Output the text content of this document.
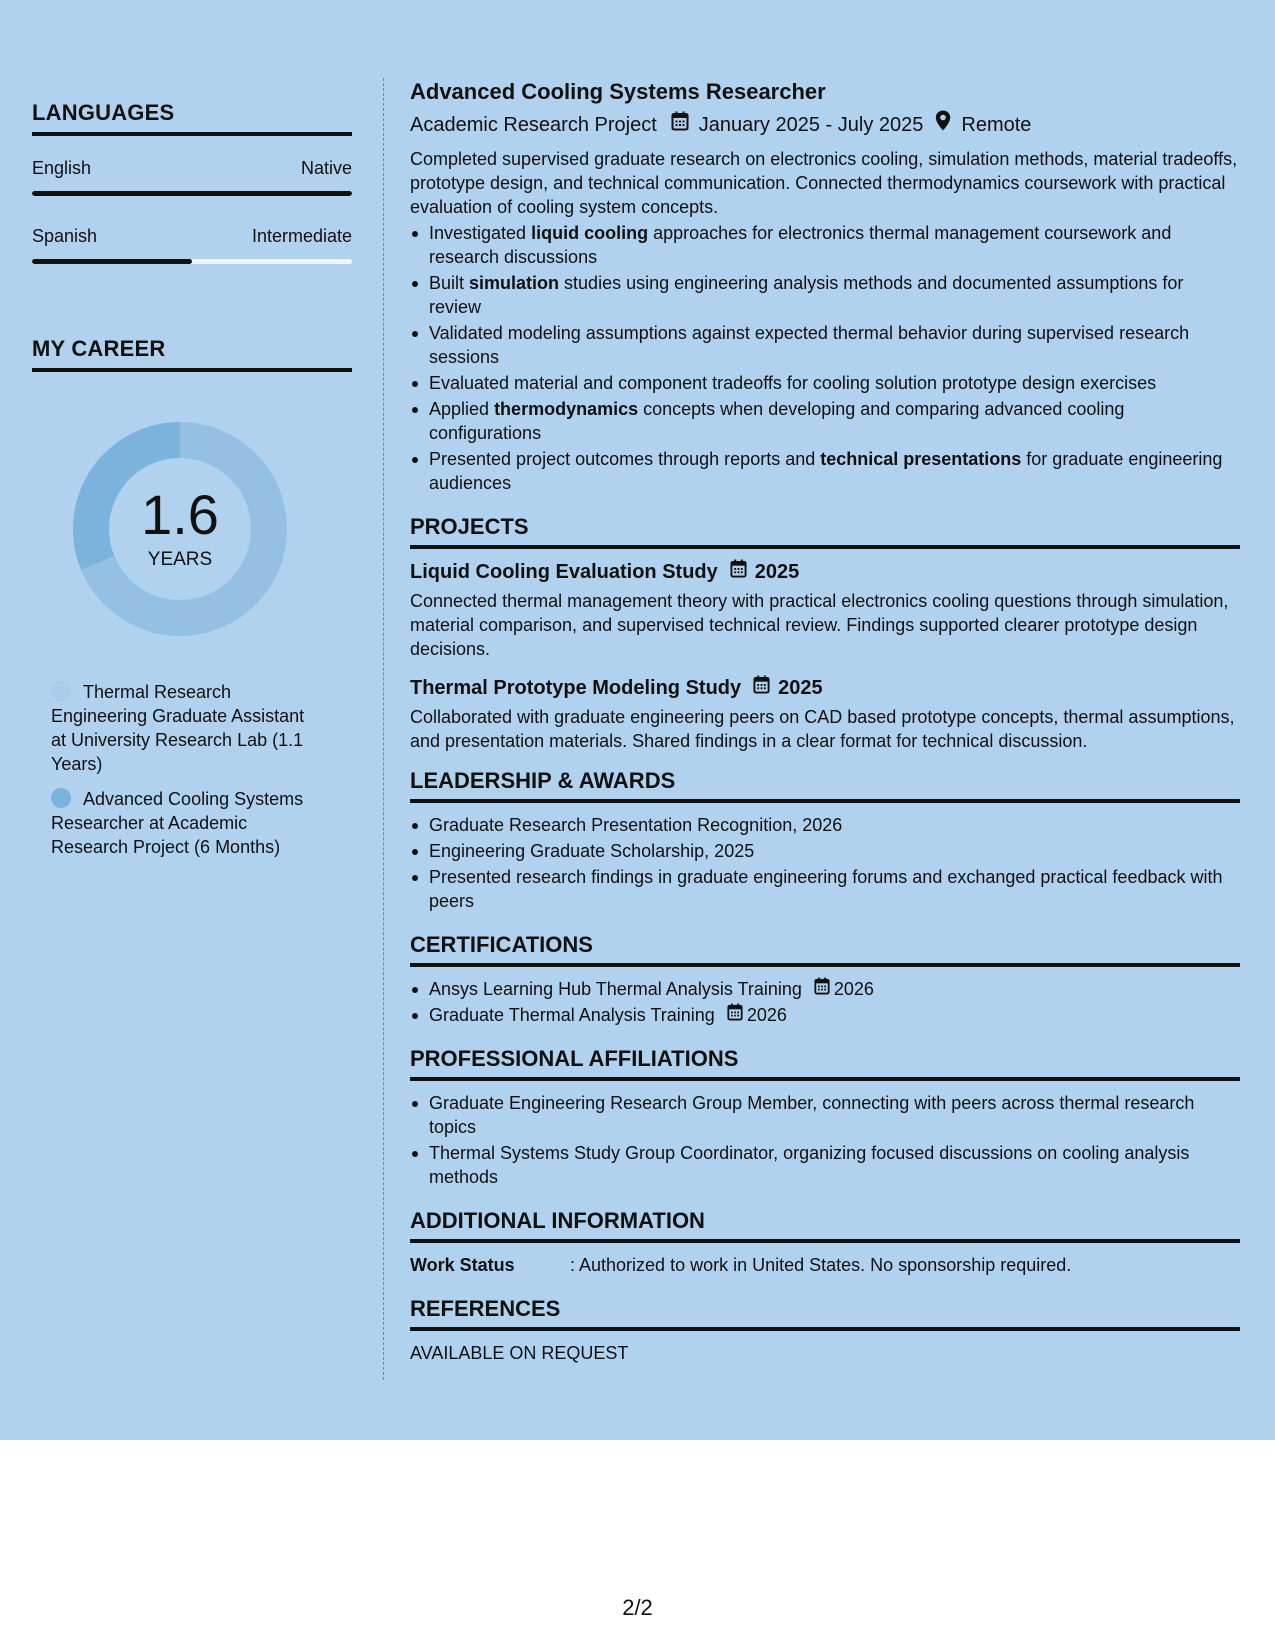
LANGUAGES
English	Native
Spanish	Intermediate
MY CAREER
1.6
YEARS
Thermal Research Engineering Graduate Assistant at University Research Lab (1.1 Years)
Advanced Cooling Systems Researcher at Academic Research Project (6 Months)
Advanced Cooling Systems Researcher
Academic Research Project January 2025 - July 2025 Remote
Completed supervised graduate research on electronics cooling, simulation methods, material tradeoffs, prototype design, and technical communication. Connected thermodynamics coursework with practical evaluation of cooling system concepts.
Investigated liquid cooling approaches for electronics thermal management coursework and research discussions
Built simulation studies using engineering analysis methods and documented assumptions for review
Validated modeling assumptions against expected thermal behavior during supervised research sessions
Evaluated material and component tradeoffs for cooling solution prototype design exercises
Applied thermodynamics concepts when developing and comparing advanced cooling configurations
Presented project outcomes through reports and technical presentations for graduate engineering audiences
PROJECTS
Liquid Cooling Evaluation Study 2025
Connected thermal management theory with practical electronics cooling questions through simulation, material comparison, and supervised technical review. Findings supported clearer prototype design decisions.
Thermal Prototype Modeling Study 2025
Collaborated with graduate engineering peers on CAD based prototype concepts, thermal assumptions, and presentation materials. Shared findings in a clear format for technical discussion.
LEADERSHIP & AWARDS
Graduate Research Presentation Recognition, 2026
Engineering Graduate Scholarship, 2025
Presented research findings in graduate engineering forums and exchanged practical feedback with peers
CERTIFICATIONS
Ansys Learning Hub Thermal Analysis Training 2026
Graduate Thermal Analysis Training 2026
PROFESSIONAL AFFILIATIONS
Graduate Engineering Research Group Member, connecting with peers across thermal research topics
Thermal Systems Study Group Coordinator, organizing focused discussions on cooling analysis methods
ADDITIONAL INFORMATION
Work Status	: Authorized to work in United States. No sponsorship required.
REFERENCES
AVAILABLE ON REQUEST
2/2
